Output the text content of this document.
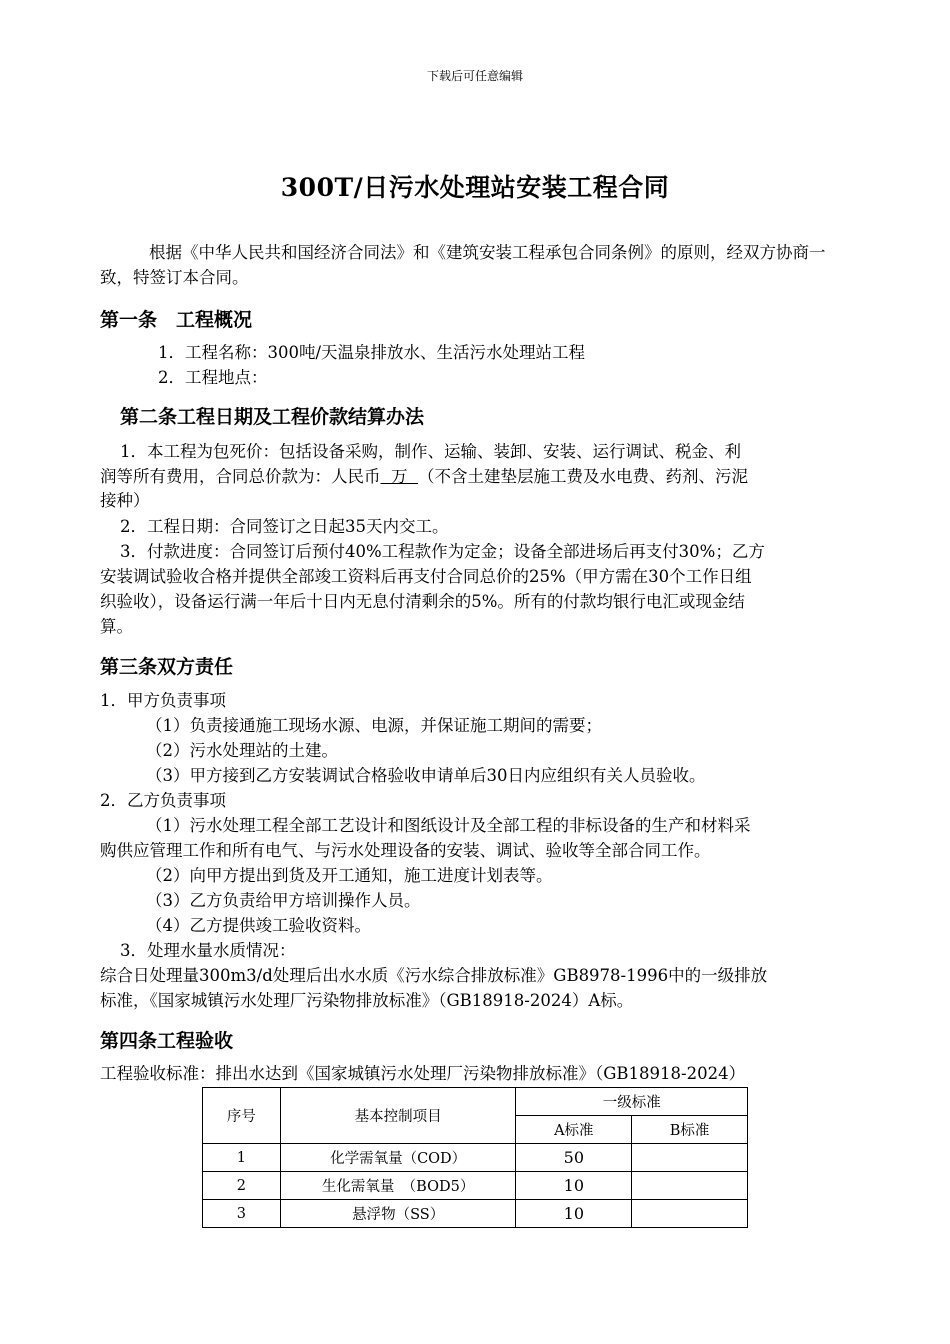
下载后可任意编辑
300T/日污水处理站安装工程合同
根据《中华人民共和国经济合同法》和《建筑安装工程承包合同条例》的原则，经双方协商一致，特签订本合同。
第一条　工程概况
1．工程名称：300吨/天温泉排放水、生活污水处理站工程
2．工程地点：
第二条工程日期及工程价款结算办法
1．本工程为包死价：包括设备采购，制作、运输、装卸、安装、运行调试、税金、利
润等所有费用，合同总价款为：人民币  万  （不含土建垫层施工费及水电费、药剂、污泥
接种）
2．工程日期：合同签订之日起35天内交工。
3．付款进度：合同签订后预付40%工程款作为定金；设备全部进场后再支付30%；乙方
安装调试验收合格并提供全部竣工资料后再支付合同总价的25%（甲方需在30个工作日组
织验收），设备运行满一年后十日内无息付清剩余的5%。所有的付款均银行电汇或现金结
算。
第三条双方责任
1．甲方负责事项
（1）负责接通施工现场水源、电源，并保证施工期间的需要；
（2）污水处理站的土建。
（3）甲方接到乙方安装调试合格验收申请单后30日内应组织有关人员验收。
2．乙方负责事项
（1）污水处理工程全部工艺设计和图纸设计及全部工程的非标设备的生产和材料采
购供应管理工作和所有电气、与污水处理设备的安装、调试、验收等全部合同工作。
（2）向甲方提出到货及开工通知，施工进度计划表等。
（3）乙方负责给甲方培训操作人员。
（4）乙方提供竣工验收资料。
3．处理水量水质情况：
综合日处理量300m3/d处理后出水水质《污水综合排放标准》GB8978-1996中的一级排放
标准，《国家城镇污水处理厂污染物排放标准》（GB18918-2024）A标。
第四条工程验收
工程验收标准：排出水达到《国家城镇污水处理厂污染物排放标准》（GB18918-2024）
序号	基本控制项目	一级标准	
		A标准	B标准
1	化学需氧量（COD）	50	
2	生化需氧量　（BOD5）	10	
3	悬浮物（SS）	10	
